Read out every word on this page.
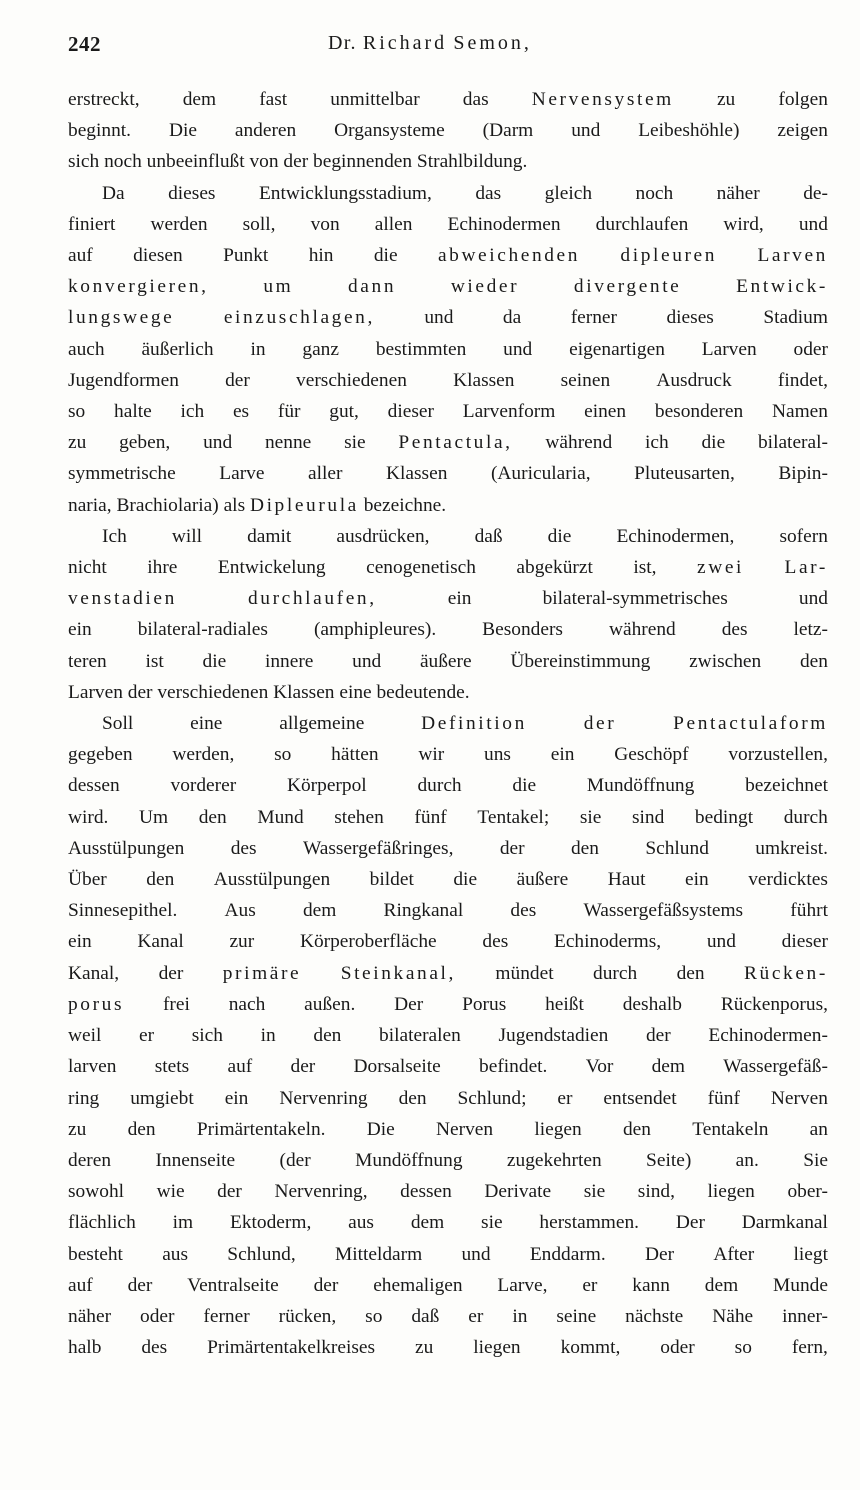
242	Dr. Richard Semon,

erstreckt, dem fast unmittelbar das Nervensystem zu folgen
beginnt. Die anderen Organsysteme (Darm und Leibeshöhle) zeigen
sich noch unbeeinflußt von der beginnenden Strahlbildung.

Da dieses Entwicklungsstadium, das gleich noch näher de-
finiert werden soll, von allen Echinodermen durchlaufen wird, und
auf diesen Punkt hin die abweichenden dipleuren Larven
konvergieren,	um	dann	wieder	divergente	Entwick-
lungswege	einzuschlagen,	und	da	ferner	dieses	Stadium
auch äußerlich in ganz bestimmten und eigenartigen Larven oder
Jugendformen der verschiedenen Klassen seinen Ausdruck findet,
so halte ich es für gut, dieser Larvenform einen besonderen Namen
zu geben, und nenne sie Pentactula, während ich die bilateral-
symmetrische Larve aller Klassen (Auricularia, Pluteusarten, Bipin-
naria, Brachiolaria) als Dipleurula bezeichne.

Ich will damit ausdrücken, daß die Echinodermen, sofern
nicht ihre Entwickelung cenogenetisch abgekürzt ist, zwei Lar-
venstadien	durchlaufen,	ein	bilateral-symmetrisches	und
ein bilateral-radiales (amphipleures). Besonders während des letz-
teren ist die innere und äußere Übereinstimmung zwischen den
Larven der verschiedenen Klassen eine bedeutende.

Soll	eine	allgemeine	Definition	der	Pentactulaform
gegeben werden, so hätten wir uns ein Geschöpf vorzustellen,
dessen	vorderer	Körperpol	durch	die	Mundöffnung	bezeichnet
wird. Um den Mund stehen fünf Tentakel; sie sind bedingt durch
Ausstülpungen des Wassergefäßringes, der den Schlund umkreist.
Über den Ausstülpungen bildet die äußere Haut ein verdicktes
Sinnesepithel. Aus dem Ringkanal des Wassergefäßsystems führt
ein Kanal zur Körperoberfläche des Echinoderms, und dieser
Kanal, der primäre Steinkanal, mündet durch den Rücken-
porus frei nach außen. Der Porus heißt deshalb Rückenporus,
weil er sich in den bilateralen Jugendstadien der Echinodermen-
larven stets auf der Dorsalseite befindet. Vor dem Wassergefäß-
ring umgiebt ein Nervenring den Schlund; er entsendet fünf Nerven
zu den Primärtentakeln. Die Nerven liegen den Tentakeln an
deren Innenseite (der Mundöffnung zugekehrten Seite) an. Sie
sowohl wie der Nervenring, dessen Derivate sie sind, liegen ober-
flächlich im Ektoderm, aus dem sie herstammen. Der Darmkanal
besteht aus Schlund, Mitteldarm und Enddarm. Der After liegt
auf der Ventralseite der ehemaligen Larve, er kann dem Munde
näher oder ferner rücken, so daß er in seine nächste Nähe inner-
halb des Primärtentakelkreises zu liegen kommt, oder so fern,
